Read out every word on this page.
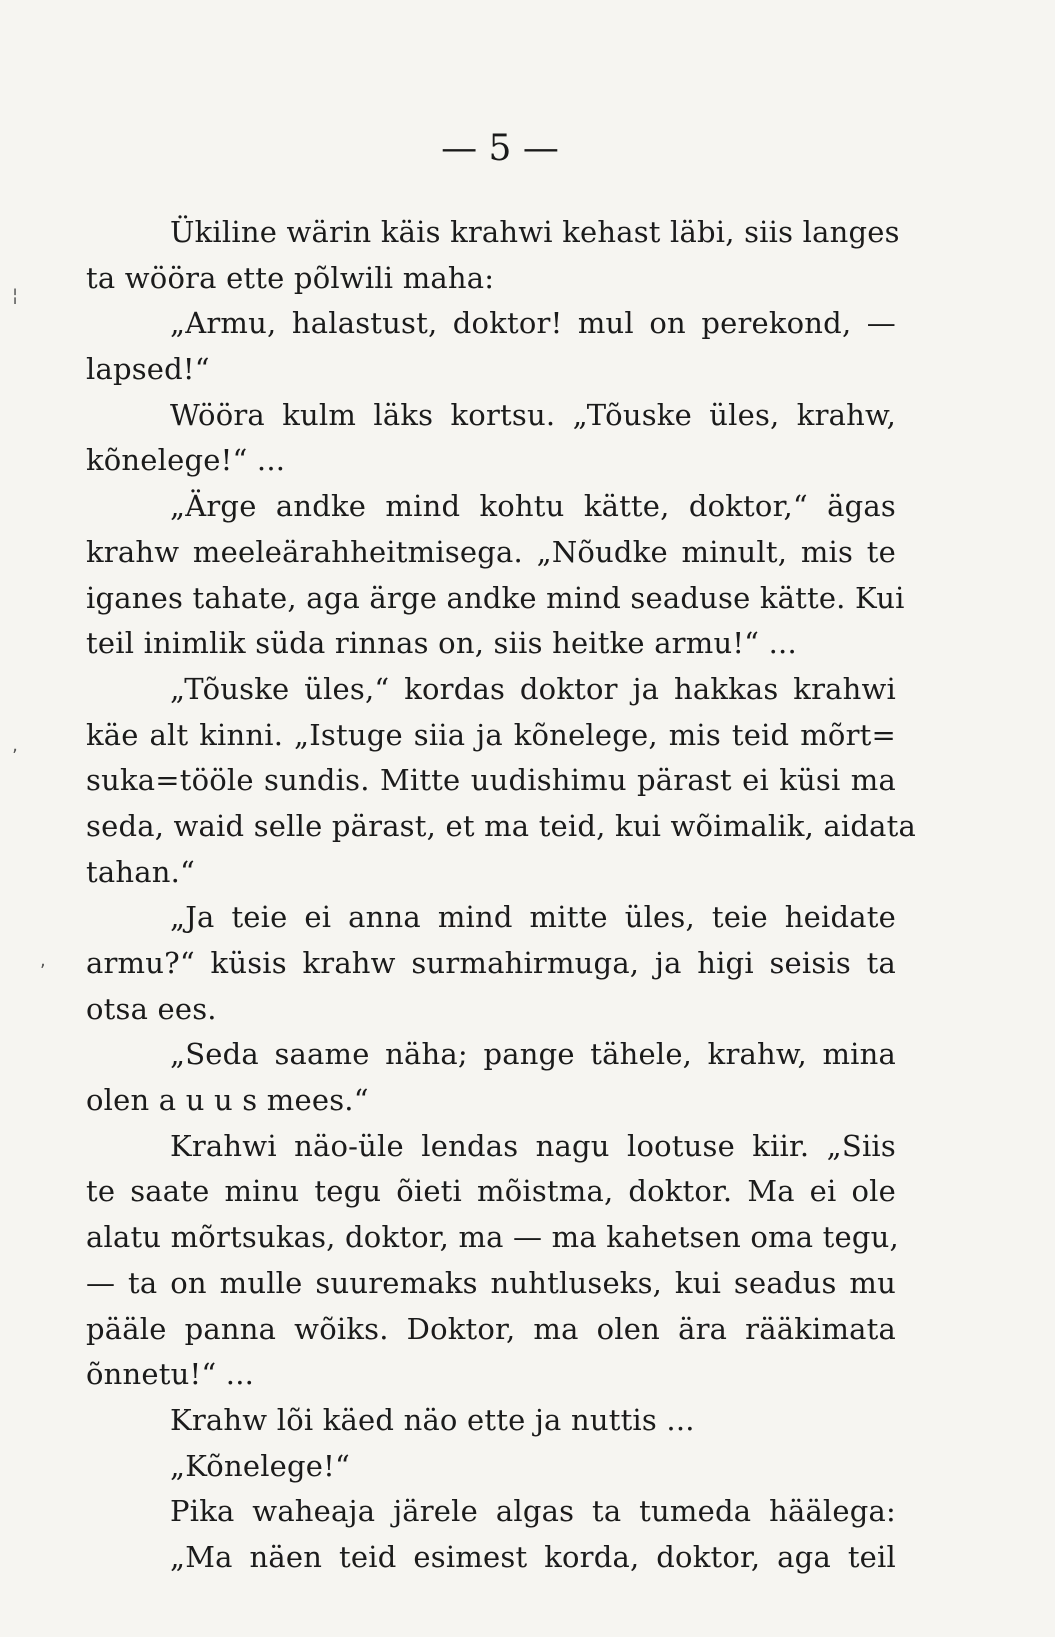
— 5 —
Ükiline wärin käis krahwi kehast läbi, siis langes
ta wööra ette põlwili maha:
„Armu, halastust, doktor! mul on perekond, —
lapsed!“
Wööra kulm läks kortsu. „Tõuske üles, krahw,
kõnelege!“ ...
„Ärge andke mind kohtu kätte, doktor,“ ägas
krahw meeleärahheitmisega. „Nõudke minult, mis te
iganes tahate, aga ärge andke mind seaduse kätte. Kui
teil inimlik süda rinnas on, siis heitke armu!“ ...
„Tõuske üles,“ kordas doktor ja hakkas krahwi
käe alt kinni. „Istuge siia ja kõnelege, mis teid mõrt=
suka=tööle sundis. Mitte uudishimu pärast ei küsi ma
seda, waid selle pärast, et ma teid, kui wõimalik, aidata
tahan.“
„Ja teie ei anna mind mitte üles, teie heidate
armu?“ küsis krahw surmahirmuga, ja higi seisis ta
otsa ees.
„Seda saame näha; pange tähele, krahw, mina
olen a u u s mees.“
Krahwi näo-üle lendas nagu lootuse kiir. „Siis
te saate minu tegu õieti mõistma, doktor. Ma ei ole
alatu mõrtsukas, doktor, ma — ma kahetsen oma tegu,
— ta on mulle suuremaks nuhtluseks, kui seadus mu
pääle panna wõiks. Doktor, ma olen ära rääkimata
õnnetu!“ ...
Krahw lõi käed näo ette ja nuttis ...
„Kõnelege!“
Pika waheaja järele algas ta tumeda häälega:
„Ma näen teid esimest korda, doktor, aga teil
¦
‚
,
